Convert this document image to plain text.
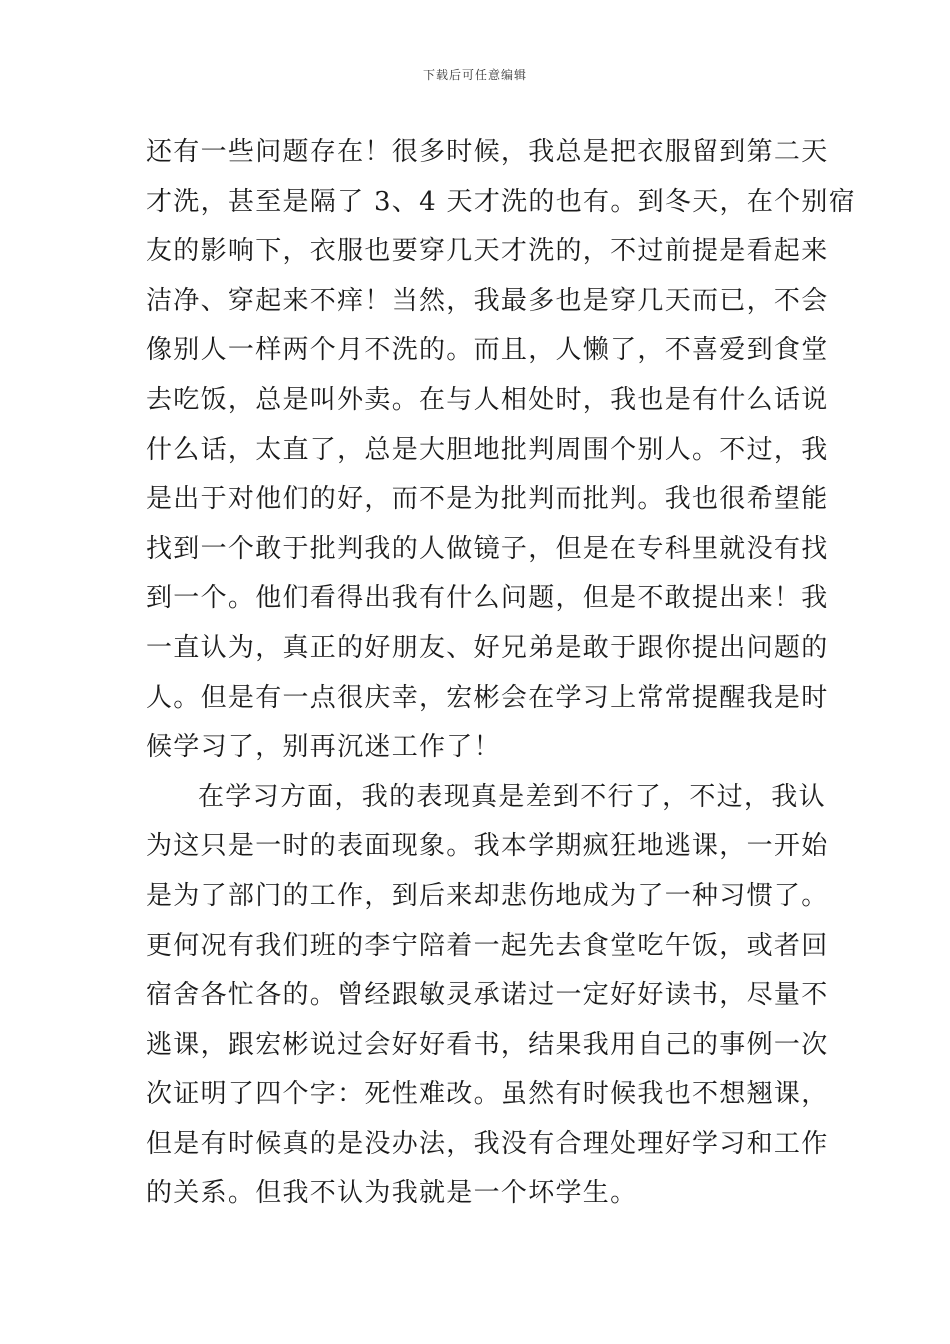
下载后可任意编辑
还有一些问题存在！很多时候，我总是把衣服留到第二天
才洗，甚至是隔了 3、4 天才洗的也有。到冬天，在个别宿
友的影响下，衣服也要穿几天才洗的，不过前提是看起来
洁净、穿起来不痒！当然，我最多也是穿几天而已，不会
像别人一样两个月不洗的。而且，人懒了，不喜爱到食堂
去吃饭，总是叫外卖。在与人相处时，我也是有什么话说
什么话，太直了，总是大胆地批判周围个别人。不过，我
是出于对他们的好，而不是为批判而批判。我也很希望能
找到一个敢于批判我的人做镜子，但是在专科里就没有找
到一个。他们看得出我有什么问题，但是不敢提出来！我
一直认为，真正的好朋友、好兄弟是敢于跟你提出问题的
人。但是有一点很庆幸，宏彬会在学习上常常提醒我是时
候学习了，别再沉迷工作了！
在学习方面，我的表现真是差到不行了，不过，我认
为这只是一时的表面现象。我本学期疯狂地逃课，一开始
是为了部门的工作，到后来却悲伤地成为了一种习惯了。
更何况有我们班的李宁陪着一起先去食堂吃午饭，或者回
宿舍各忙各的。曾经跟敏灵承诺过一定好好读书，尽量不
逃课，跟宏彬说过会好好看书，结果我用自己的事例一次
次证明了四个字：死性难改。虽然有时候我也不想翘课，
但是有时候真的是没办法，我没有合理处理好学习和工作
的关系。但我不认为我就是一个坏学生。
